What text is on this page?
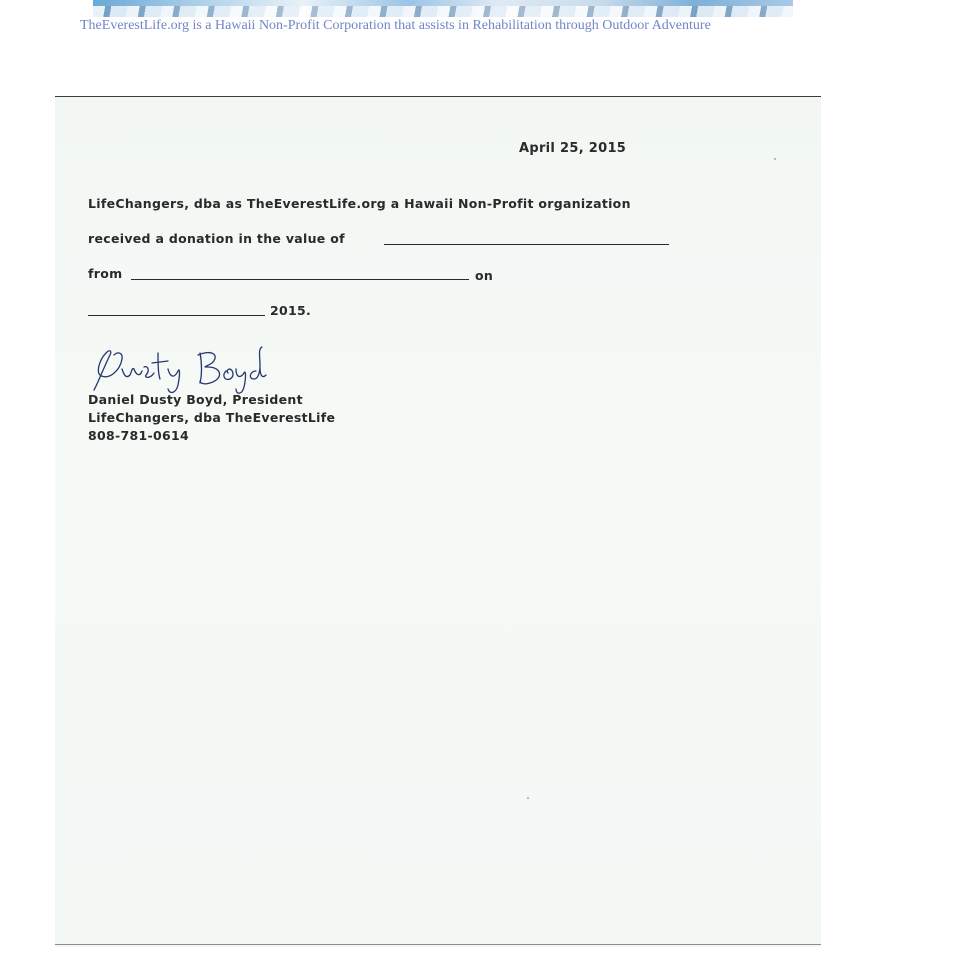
TheEverestLife.org is a Hawaii Non-Profit Corporation that assists in Rehabilitation through Outdoor Adventure
April 25, 2015
LifeChangers, dba as TheEverestLife.org a Hawaii Non-Profit organization
received a donation in the value of
from	on
2015.
Dusty Boyd
Daniel Dusty Boyd, President
LifeChangers, dba TheEverestLife
808-781-0614
